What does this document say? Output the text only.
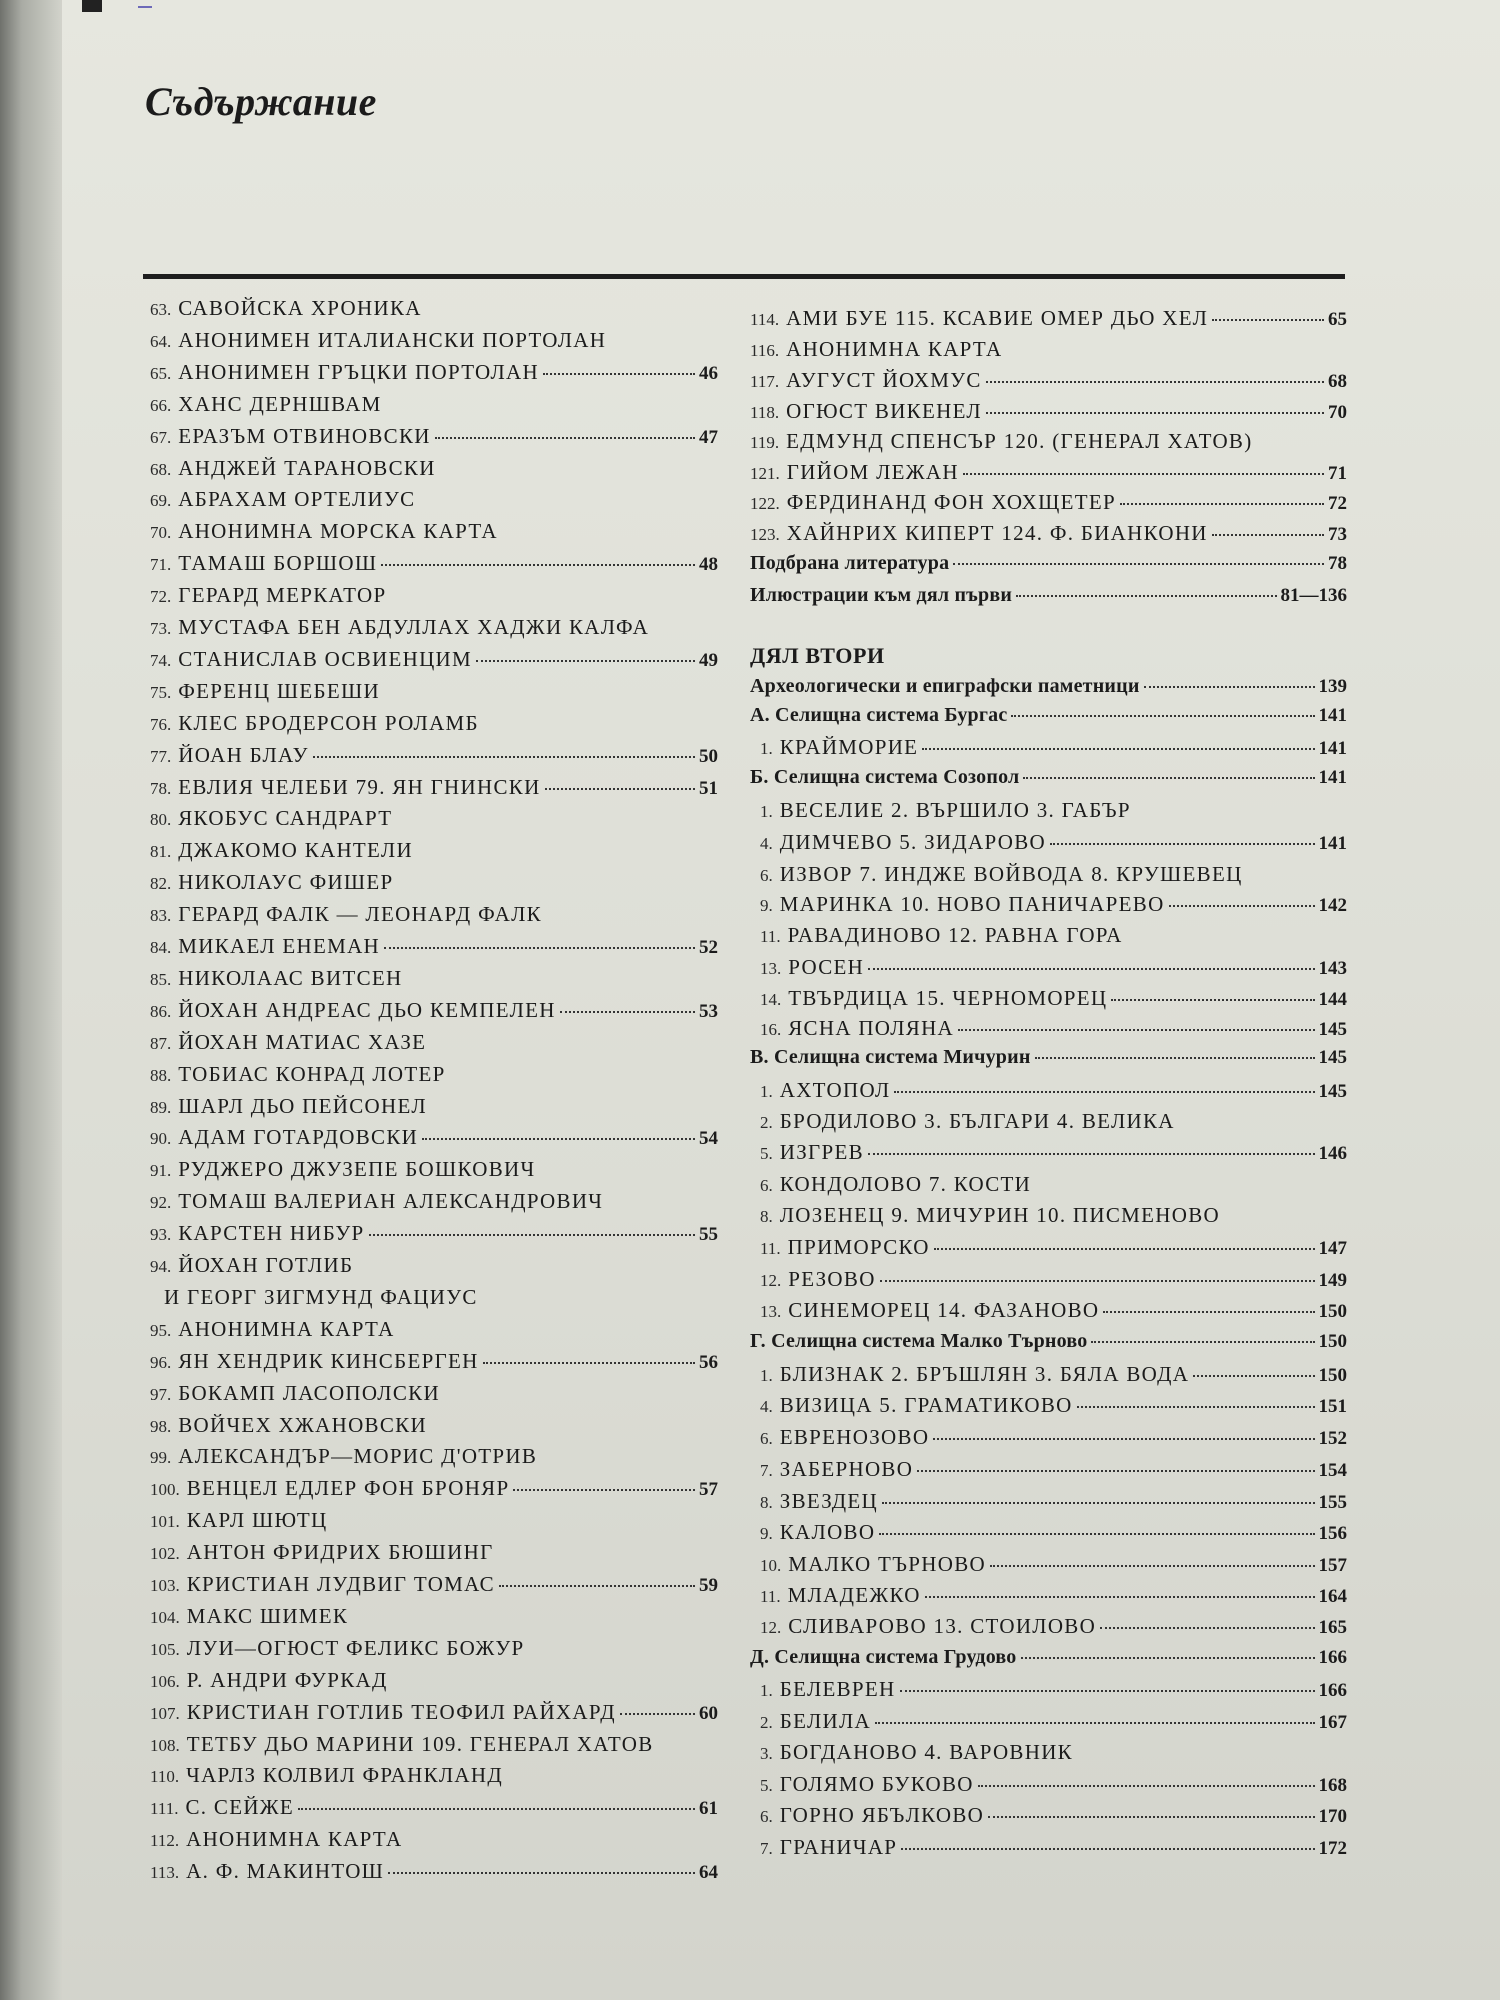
Съдържание
63. САВОЙСКА ХРОНИКА
64. АНОНИМЕН ИТАЛИАНСКИ ПОРТОЛАН
65. АНОНИМЕН ГРЪЦКИ ПОРТОЛАН	46
66. ХАНС ДЕРНШВАМ
67. ЕРАЗЪМ ОТВИНОВСКИ	47
68. АНДЖЕЙ ТАРАНОВСКИ
69. АБРАХАМ ОРТЕЛИУС
70. АНОНИМНА МОРСКА КАРТА
71. ТАМАШ БОРШОШ	48
72. ГЕРАРД МЕРКАТОР
73. МУСТАФА БЕН АБДУЛЛАХ ХАДЖИ КАЛФА
74. СТАНИСЛАВ ОСВИЕНЦИМ	49
75. ФЕРЕНЦ ШЕБЕШИ
76. КЛЕС БРОДЕРСОН РОЛАМБ
77. ЙОАН БЛАУ	50
78. ЕВЛИЯ ЧЕЛЕБИ 79. ЯН ГНИНСКИ	51
80. ЯКОБУС САНДРАРТ
81. ДЖАКОМО КАНТЕЛИ
82. НИКОЛАУС ФИШЕР
83. ГЕРАРД ФАЛК — ЛЕОНАРД ФАЛК
84. МИКАЕЛ ЕНЕМАН	52
85. НИКОЛААС ВИТСЕН
86. ЙОХАН АНДРЕАС ДЬО КЕМПЕЛЕН	53
87. ЙОХАН МАТИАС ХАЗЕ
88. ТОБИАС КОНРАД ЛОТЕР
89. ШАРЛ ДЬО ПЕЙСОНЕЛ
90. АДАМ ГОТАРДОВСКИ	54
91. РУДЖЕРО ДЖУЗЕПЕ БОШКОВИЧ
92. ТОМАШ ВАЛЕРИАН АЛЕКСАНДРОВИЧ
93. КАРСТЕН НИБУР	55
94. ЙОХАН ГОТЛИБ
И ГЕОРГ ЗИГМУНД ФАЦИУС
95. АНОНИМНА КАРТА
96. ЯН ХЕНДРИК КИНСБЕРГЕН	56
97. БОКАМП ЛАСОПОЛСКИ
98. ВОЙЧЕХ ХЖАНОВСКИ
99. АЛЕКСАНДЪР—МОРИС Д'ОТРИВ
100. ВЕНЦЕЛ ЕДЛЕР ФОН БРОНЯР	57
101. КАРЛ ШЮТЦ
102. АНТОН ФРИДРИХ БЮШИНГ
103. КРИСТИАН ЛУДВИГ ТОМАС	59
104. МАКС ШИМЕК
105. ЛУИ—ОГЮСТ ФЕЛИКС БОЖУР
106. Р. АНДРИ ФУРКАД
107. КРИСТИАН ГОТЛИБ ТЕОФИЛ РАЙХАРД	60
108. ТЕТБУ ДЬО МАРИНИ 109. ГЕНЕРАЛ ХАТОВ
110. ЧАРЛЗ КОЛВИЛ ФРАНКЛАНД
111. С. СЕЙЖЕ	61
112. АНОНИМНА КАРТА
113. А. Ф. МАКИНТОШ	64
114. АМИ БУЕ 115. КСАВИЕ ОМЕР ДЬО ХЕЛ	65
116. АНОНИМНА КАРТА
117. АУГУСТ ЙОХМУС	68
118. ОГЮСТ ВИКЕНЕЛ	70
119. ЕДМУНД СПЕНСЪР 120. (ГЕНЕРАЛ ХАТОВ)
121. ГИЙОМ ЛЕЖАН	71
122. ФЕРДИНАНД ФОН ХОХЩЕТЕР	72
123. ХАЙНРИХ КИПЕРТ 124. Ф. БИАНКОНИ	73
Подбрана литература	78
Илюстрации към дял първи	81—136
ДЯЛ ВТОРИ
Археологически и епиграфски паметници	139
А. Селищна система Бургас	141
1. КРАЙМОРИЕ	141
Б. Селищна система Созопол	141
1. ВЕСЕЛИЕ 2. ВЪРШИЛО 3. ГАБЪР
4. ДИМЧЕВО 5. ЗИДАРОВО	141
6. ИЗВОР 7. ИНДЖЕ ВОЙВОДА 8. КРУШЕВЕЦ
9. МАРИНКА 10. НОВО ПАНИЧАРЕВО	142
11. РАВАДИНОВО 12. РАВНА ГОРА
13. РОСЕН	143
14. ТВЪРДИЦА 15. ЧЕРНОМОРЕЦ	144
16. ЯСНА ПОЛЯНА	145
В. Селищна система Мичурин	145
1. АХТОПОЛ	145
2. БРОДИЛОВО 3. БЪЛГАРИ 4. ВЕЛИКА
5. ИЗГРЕВ	146
6. КОНДОЛОВО 7. КОСТИ
8. ЛОЗЕНЕЦ 9. МИЧУРИН 10. ПИСМЕНОВО
11. ПРИМОРСКО	147
12. РЕЗОВО	149
13. СИНЕМОРЕЦ 14. ФАЗАНОВО	150
Г. Селищна система Малко Търново	150
1. БЛИЗНАК 2. БРЪШЛЯН 3. БЯЛА ВОДА	150
4. ВИЗИЦА 5. ГРАМАТИКОВО	151
6. ЕВРЕНОЗОВО	152
7. ЗАБЕРНОВО	154
8. ЗВЕЗДЕЦ	155
9. КАЛОВО	156
10. МАЛКО ТЪРНОВО	157
11. МЛАДЕЖКО	164
12. СЛИВАРОВО 13. СТОИЛОВО	165
Д. Селищна система Грудово	166
1. БЕЛЕВРЕН	166
2. БЕЛИЛА	167
3. БОГДАНОВО 4. ВАРОВНИК
5. ГОЛЯМО БУКОВО	168
6. ГОРНО ЯБЪЛКОВО	170
7. ГРАНИЧАР	172
